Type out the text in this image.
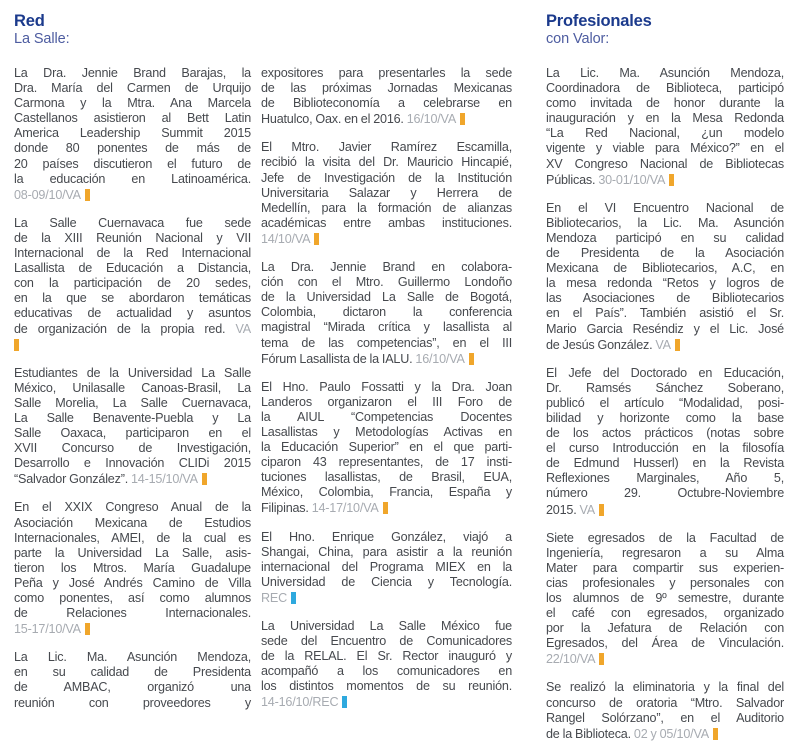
Red
La Salle:
La Dra. Jennie Brand Barajas, la
Dra. María del Carmen de Urquijo
Carmona y la Mtra. Ana Marcela
Castellanos asistieron al Bett Latin
America Leadership Summit 2015
donde 80 ponentes de más de
20 países discutieron el futuro de
la educación en Latinoamérica.
08-09/10/VA
La Salle Cuernavaca fue sede
de la XIII Reunión Nacional y VII
Internacional de la Red Internacional
Lasallista de Educación a Distancia,
con la participación de 20 sedes,
en la que se abordaron temáticas
educativas de actualidad y asuntos
de organización de la propia red. VA
Estudiantes de la Universidad La Salle
México, Unilasalle Canoas-Brasil, La
Salle Morelia, La Salle Cuernavaca,
La Salle Benavente-Puebla y La
Salle Oaxaca, participaron en el
XVII Concurso de Investigación,
Desarrollo e Innovación CLIDi 2015
“Salvador González”. 14-15/10/VA
En el XXIX Congreso Anual de la
Asociación Mexicana de Estudios
Internacionales, AMEI, de la cual es
parte la Universidad La Salle, asis-
tieron los Mtros. María Guadalupe
Peña y José Andrés Camino de Villa
como ponentes, así como alumnos
de Relaciones Internacionales.
15-17/10/VA
La Lic. Ma. Asunción Mendoza,
en su calidad de Presidenta
de AMBAC, organizó una
reunión con proveedores y
expositores para presentarles la sede
de las próximas Jornadas Mexicanas
de Biblioteconomía a celebrarse en
Huatulco, Oax. en el 2016. 16/10/VA
El Mtro. Javier Ramírez Escamilla,
recibió la visita del Dr. Mauricio Hincapié,
Jefe de Investigación de la Institución
Universitaria Salazar y Herrera de
Medellín, para la formación de alianzas
académicas entre ambas instituciones.
14/10/VA
La Dra. Jennie Brand en colabora-
ción con el Mtro. Guillermo Londoño
de la Universidad La Salle de Bogotá,
Colombia, dictaron la conferencia
magistral “Mirada crítica y lasallista al
tema de las competencias”, en el III
Fórum Lasallista de la IALU. 16/10/VA
El Hno. Paulo Fossatti y la Dra. Joan
Landeros organizaron el III Foro de
la AIUL “Competencias Docentes
Lasallistas y Metodologías Activas en
la Educación Superior” en el que parti-
ciparon 43 representantes, de 17 insti-
tuciones lasallistas, de Brasil, EUA,
México, Colombia, Francia, España y
Filipinas. 14-17/10/VA
El Hno. Enrique González, viajó a
Shangai, China, para asistir a la reunión
internacional del Programa MIEX en la
Universidad de Ciencia y Tecnología.
REC
La Universidad La Salle México fue
sede del Encuentro de Comunicadores
de la RELAL. El Sr. Rector inauguró y
acompañó a los comunicadores en
los distintos momentos de su reunión.
14-16/10/REC
Profesionales
con Valor:
La Lic. Ma. Asunción Mendoza,
Coordinadora de Biblioteca, participó
como invitada de honor durante la
inauguración y en la Mesa Redonda
“La Red Nacional, ¿un modelo
vigente y viable para México?” en el
XV Congreso Nacional de Bibliotecas
Públicas. 30-01/10/VA
En el VI Encuentro Nacional de
Bibliotecarios, la Lic. Ma. Asunción
Mendoza participó en su calidad
de Presidenta de la Asociación
Mexicana de Bibliotecarios, A.C, en
la mesa redonda “Retos y logros de
las Asociaciones de Bibliotecarios
en el País”. También asistió el Sr.
Mario Garcia Reséndiz y el Lic. José
de Jesús González. VA
El Jefe del Doctorado en Educación,
Dr. Ramsés Sánchez Soberano,
publicó el artículo “Modalidad, posi-
bilidad y horizonte como la base
de los actos prácticos (notas sobre
el curso Introducción en la filosofía
de Edmund Husserl) en la Revista
Reflexiones Marginales, Año 5,
número 29. Octubre-Noviembre
2015. VA
Siete egresados de la Facultad de
Ingeniería, regresaron a su Alma
Mater para compartir sus experien-
cias profesionales y personales con
los alumnos de 9º semestre, durante
el café con egresados, organizado
por la Jefatura de Relación con
Egresados, del Área de Vinculación.
22/10/VA
Se realizó la eliminatoria y la final del
concurso de oratoria “Mtro. Salvador
Rangel Solórzano”, en el Auditorio
de la Biblioteca. 02 y 05/10/VA
